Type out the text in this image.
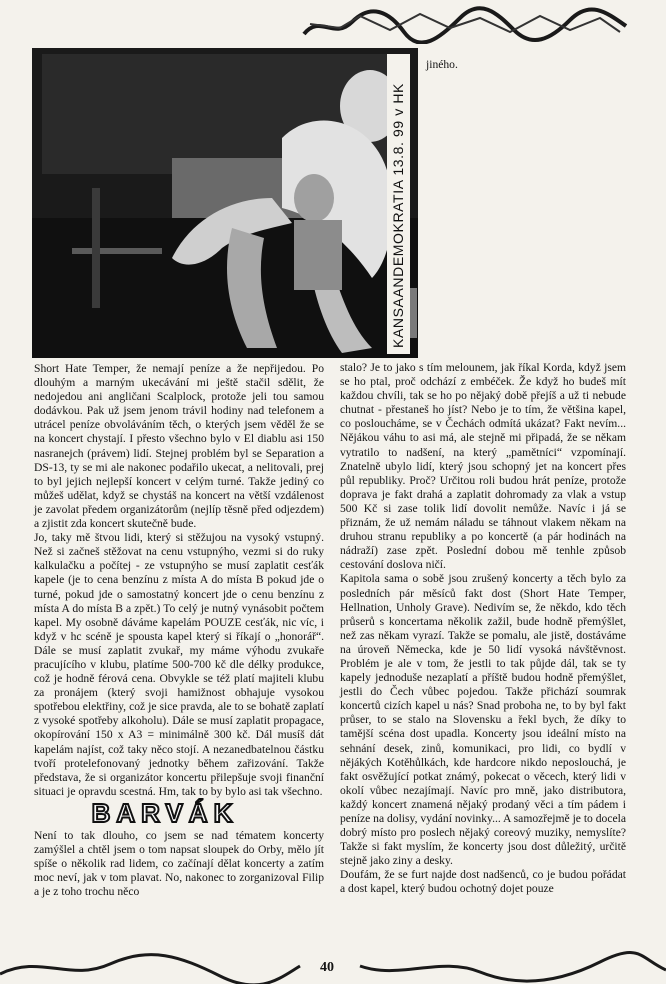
KANSAANDEMOKRATIA 13.8. 99 v HK

jiného.

Short Hate Temper, že nemají peníze a že nepřijedou. Po dlouhým a marným ukecávání mi ještě stačil sdělit, že nedojedou ani angličani Scalplock, protože jeli tou samou dodávkou. Pak už jsem jenom trávil hodiny nad telefonem a utrácel peníze obvoláváním těch, o kterých jsem věděl že se na koncert chystají. I přesto všechno bylo v El diablu asi 150 nasranejch (právem) lidí. Stejnej problém byl se Separation a DS-13, ty se mi ale nakonec podařilo ukecat, a nelitovali, prej to byl jejich nejlepší koncert v celým turné. Takže jediný co můžeš udělat, když se chystáš na koncert na větší vzdálenost je zavolat předem organizátorům (nejlíp těsně před odjezdem) a zjistit zda koncert skutečně bude.

Jo, taky mě štvou lidi, který si stěžujou na vysoký vstupný. Než si začneš stěžovat na cenu vstupnýho, vezmi si do ruky kalkulačku a počítej - ze vstupnýho se musí zaplatit cesťák kapele (je to cena benzínu z místa A do místa B pokud jde o turné, pokud jde o samostatný koncert jde o cenu benzínu z místa A do místa B a zpět.) To celý je nutný vynásobit počtem kapel. My osobně dáváme kapelám POUZE cesťák, nic víc, i když v hc scéně je spousta kapel který si říkají o „honorář“. Dále se musí zaplatit zvukař, my máme výhodu zvukaře pracujícího v klubu, platíme 500-700 kč dle délky produkce, což je hodně férová cena. Obvykle se též platí majiteli klubu za pronájem (který svoji hamižnost obhajuje vysokou spotřebou elektřiny, což je sice pravda, ale to se bohatě zaplatí z vysoké spotřeby alkoholu). Dále se musí zaplatit propagace, okopírování 150 x A3 = minimálně 300 kč. Dál musíš dát kapelám najíst, což taky něco stojí. A nezanedbatelnou částku tvoří protelefonovaný jednotky během zařizování. Takže představa, že si organizátor koncertu přilepšuje svoji finanční situaci je opravdu scestná. Hm, tak to by bylo asi tak všechno.

BARVÁK

Není to tak dlouho, co jsem se nad tématem koncerty zamýšlel a chtěl jsem o tom napsat sloupek do Orby, mělo jít spíše o několik rad lidem, co začínají dělat koncerty a zatím moc neví, jak v tom plavat. No, nakonec to zorganizoval Filip a je z toho trochu něco

stalo? Je to jako s tím melounem, jak říkal Korda, když jsem se ho ptal, proč odchází z embéček. Že když ho budeš mít každou chvíli, tak se ho po nějaký době přejíš a už ti nebude chutnat - přestaneš ho jíst? Nebo je to tím, že většina kapel, co posloucháme, se v Čechách odmítá ukázat? Fakt nevím... Nějákou váhu to asi má, ale stejně mi připadá, že se někam vytratilo to nadšení, na který „pamětníci“ vzpomínají. Znatelně ubylo lidí, který jsou schopný jet na koncert přes půl republiky. Proč? Určitou roli budou hrát peníze, protože doprava je fakt drahá a zaplatit dohromady za vlak a vstup 500 Kč si zase tolik lidí dovolit nemůže. Navíc i já se přiznám, že už nemám náladu se táhnout vlakem někam na druhou stranu republiky a po koncertě (a pár hodinách na nádraží) zase zpět. Poslední dobou mě tenhle způsob cestování doslova ničí.

Kapitola sama o sobě jsou zrušený koncerty a těch bylo za posledních pár měsíců fakt dost (Short Hate Temper, Hellnation, Unholy Grave). Nedivím se, že někdo, kdo těch průserů s koncertama několik zažil, bude hodně přemýšlet, než zas někam vyrazí. Takže se pomalu, ale jistě, dostáváme na úroveň Německa, kde je 50 lidí vysoká návštěvnost. Problém je ale v tom, že jestli to tak půjde dál, tak se ty kapely jednoduše nezaplatí a příště budou hodně přemýšlet, jestli do Čech vůbec pojedou. Takže přichází soumrak koncertů cizích kapel u nás? Snad proboha ne, to by byl fakt průser, to se stalo na Slovensku a řekl bych, že díky to tamější scéna dost upadla. Koncerty jsou ideální místo na sehnání desek, zinů, komunikaci, pro lidi, co bydlí v nějákých Kotěhůlkách, kde hardcore nikdo neposlouchá, je fakt osvěžující potkat známý, pokecat o věcech, který lidi v okolí vůbec nezajímají. Navíc pro mně, jako distributora, každý koncert znamená nějaký prodaný věci a tím pádem i peníze na dolisy, vydání novinky... A samozřejmě je to docela dobrý místo pro poslech nějaký coreový muziky, nemyslíte? Takže si fakt myslím, že koncerty jsou dost důležitý, určitě stejně jako ziny a desky.

Doufám, že se furt najde dost nadšenců, co je budou pořádat a dost kapel, který budou ochotný dojet pouze

40
